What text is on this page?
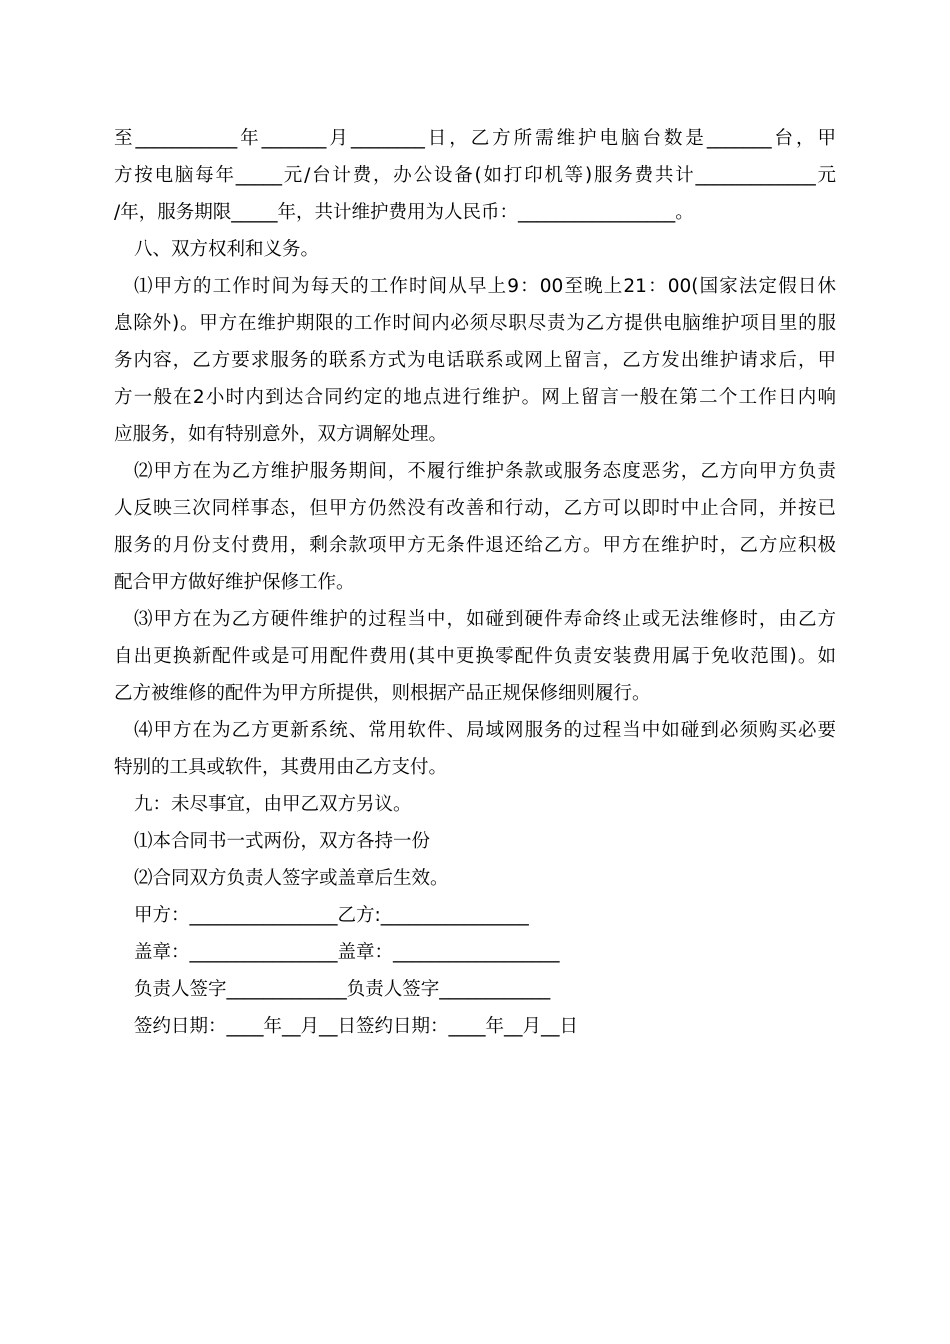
至___________年_______月________日，乙方所需维护电脑台数是_______台，甲
方按电脑每年_____元/台计费，办公设备(如打印机等)服务费共计_____________元
/年，服务期限_____年，共计维护费用为人民币：_________________。
八、双方权利和义务。
⑴甲方的工作时间为每天的工作时间从早上9：00至晚上21：00(国家法定假日休
息除外)。甲方在维护期限的工作时间内必须尽职尽责为乙方提供电脑维护项目里的服
务内容，乙方要求服务的联系方式为电话联系或网上留言，乙方发出维护请求后，甲
方一般在2小时内到达合同约定的地点进行维护。网上留言一般在第二个工作日内响
应服务，如有特别意外，双方调解处理。
⑵甲方在为乙方维护服务期间，不履行维护条款或服务态度恶劣，乙方向甲方负责
人反映三次同样事态，但甲方仍然没有改善和行动，乙方可以即时中止合同，并按已
服务的月份支付费用，剩余款项甲方无条件退还给乙方。甲方在维护时，乙方应积极
配合甲方做好维护保修工作。
⑶甲方在为乙方硬件维护的过程当中，如碰到硬件寿命终止或无法维修时，由乙方
自出更换新配件或是可用配件费用(其中更换零配件负责安装费用属于免收范围)。如
乙方被维修的配件为甲方所提供，则根据产品正规保修细则履行。
⑷甲方在为乙方更新系统、常用软件、局域网服务的过程当中如碰到必须购买必要
特别的工具或软件，其费用由乙方支付。
九：未尽事宜，由甲乙双方另议。
⑴本合同书一式两份，双方各持一份
⑵合同双方负责人签字或盖章后生效。
甲方：________________乙方:________________
盖章：________________盖章：__________________
负责人签字_____________负责人签字____________
签约日期：____年__月__日签约日期：____年__月__日
